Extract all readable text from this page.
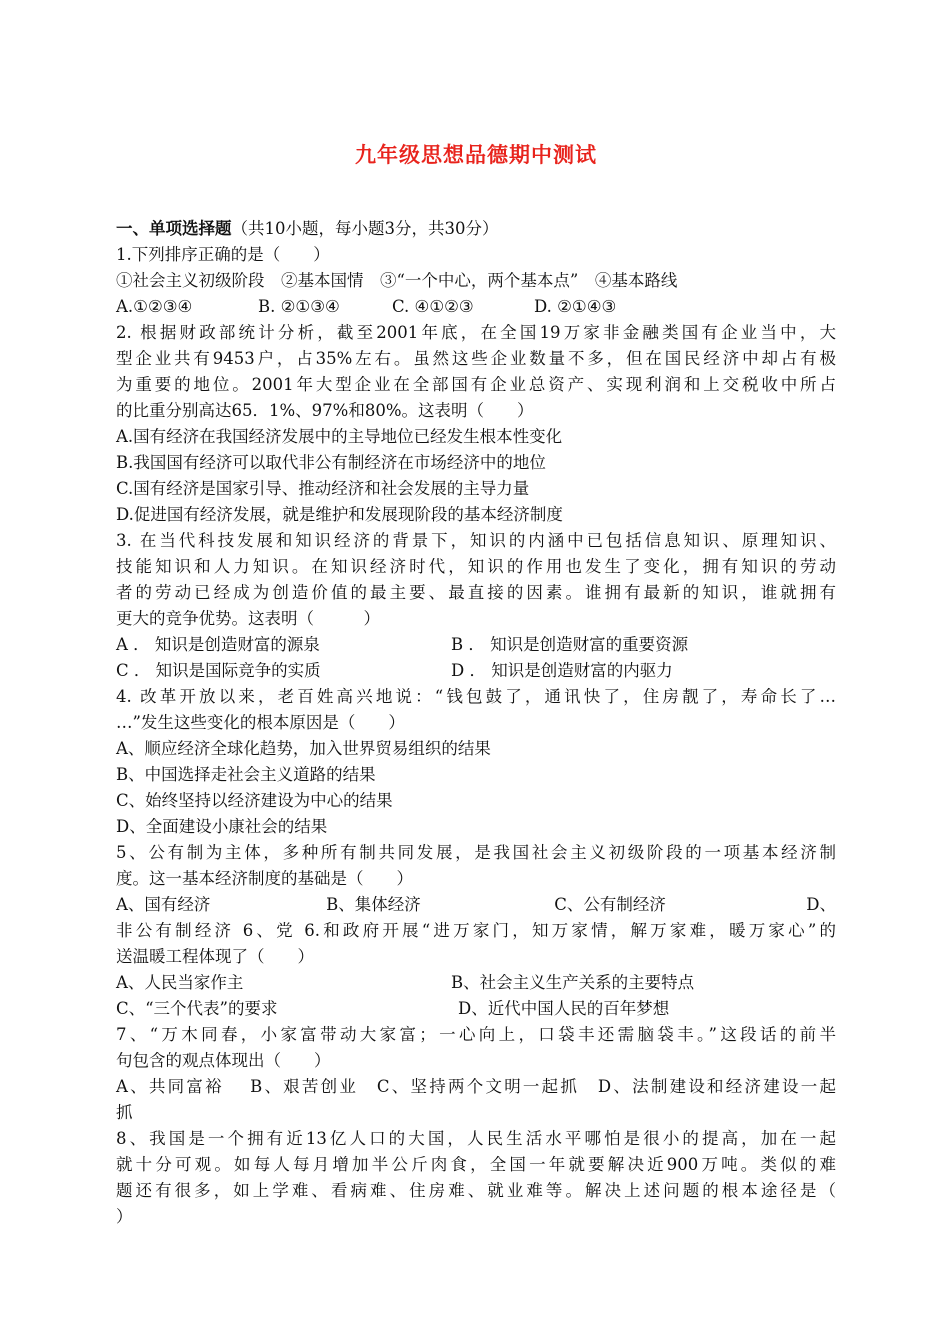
九年级思想品德期中测试
一、单项选择题（共10小题，每小题3分，共30分）
1.下列排序正确的是（　　）
①社会主义初级阶段　②基本国情　③“一个中心，两个基本点”　④基本路线
A.①②③④	B. ②①③④	C. ④①②③	D. ②①④③
2. 根据财政部统计分析，截至2001年底，在全国19万家非金融类国有企业当中，大
型企业共有9453户，占35%左右。虽然这些企业数量不多，但在国民经济中却占有极
为重要的地位。2001年大型企业在全部国有企业总资产、实现利润和上交税收中所占
的比重分别高达65．1%、97%和80%。这表明（　　）
A.国有经济在我国经济发展中的主导地位已经发生根本性变化
B.我国国有经济可以取代非公有制经济在市场经济中的地位
C.国有经济是国家引导、推动经济和社会发展的主导力量
D.促进国有经济发展，就是维护和发展现阶段的基本经济制度
3. 在当代科技发展和知识经济的背景下，知识的内涵中已包括信息知识、原理知识、
技能知识和人力知识。在知识经济时代，知识的作用也发生了变化，拥有知识的劳动
者的劳动已经成为创造价值的最主要、最直接的因素。谁拥有最新的知识，谁就拥有
更大的竞争优势。这表明（　　　）
A ． 知识是创造财富的源泉	B ． 知识是创造财富的重要资源
C ． 知识是国际竞争的实质	D ． 知识是创造财富的内驱力
4. 改革开放以来，老百姓高兴地说：“钱包鼓了，通讯快了，住房靓了，寿命长了…
…”发生这些变化的根本原因是（　　）
A、顺应经济全球化趋势，加入世界贸易组织的结果
B、中国选择走社会主义道路的结果
C、始终坚持以经济建设为中心的结果
D、全面建设小康社会的结果
5、公有制为主体，多种所有制共同发展，是我国社会主义初级阶段的一项基本经济制
度。这一基本经济制度的基础是（　　）
A、国有经济	B、集体经济	C、公有制经济	D、
非公有制经济 6、党 6.和政府开展“进万家门，知万家情，解万家难，暖万家心”的
送温暖工程体现了（　　）
A、人民当家作主	B、社会主义生产关系的主要特点
C、“三个代表”的要求	D、近代中国人民的百年梦想
7、“万木同春，小家富带动大家富；一心向上，口袋丰还需脑袋丰。”这段话的前半
句包含的观点体现出（　　）
A、共同富裕　 B、艰苦创业　C、坚持两个文明一起抓　D、法制建设和经济建设一起
抓
8、我国是一个拥有近13亿人口的大国，人民生活水平哪怕是很小的提高，加在一起
就十分可观。如每人每月增加半公斤肉食，全国一年就要解决近900万吨。类似的难
题还有很多，如上学难、看病难、住房难、就业难等。解决上述问题的根本途径是（
）
